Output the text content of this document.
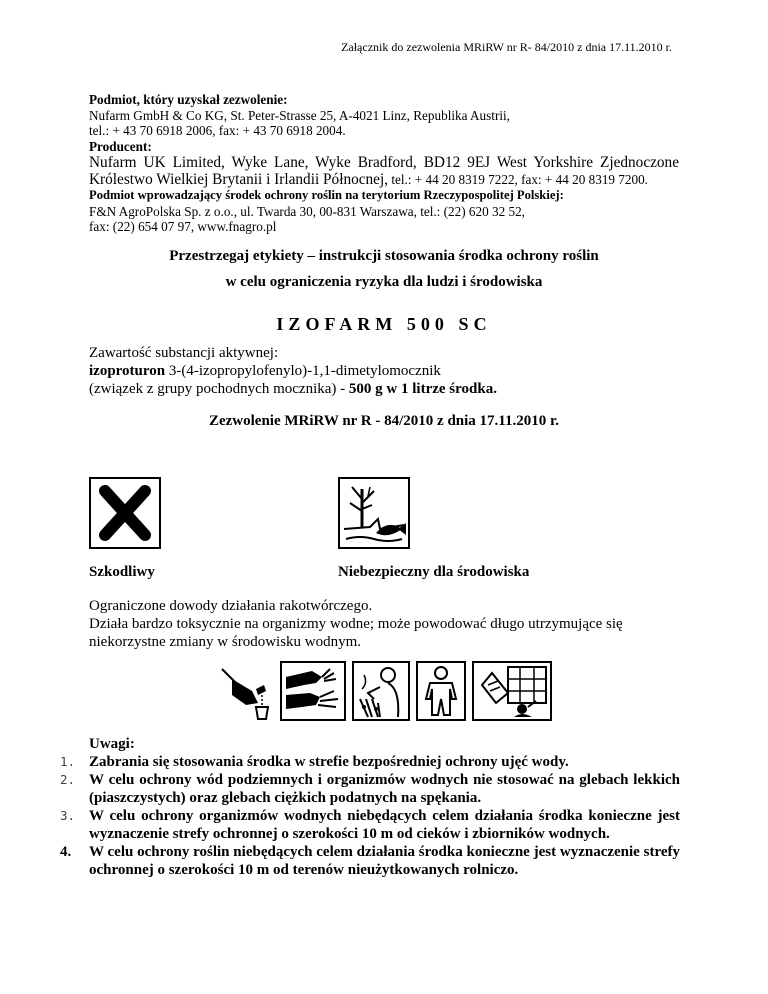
Załącznik do zezwolenia MRiRW nr R- 84/2010 z dnia 17.11.2010 r.
Podmiot, który uzyskał zezwolenie:
Nufarm GmbH & Co KG, St. Peter-Strasse 25, A-4021 Linz, Republika Austrii,
tel.: + 43 70 6918 2006, fax: + 43 70 6918 2004.
Producent:
Nufarm UK Limited, Wyke Lane, Wyke Bradford, BD12 9EJ West Yorkshire Zjednoczone Królestwo Wielkiej Brytanii i Irlandii Północnej, tel.: + 44 20 8319 7222, fax: + 44 20 8319 7200.
Podmiot wprowadzający środek ochrony roślin na terytorium Rzeczypospolitej Polskiej:
F&N AgroPolska Sp. z o.o., ul. Twarda 30, 00-831 Warszawa, tel.: (22) 620 32 52,
fax: (22) 654 07 97, www.fnagro.pl
Przestrzegaj etykiety – instrukcji stosowania środka ochrony roślin
w celu ograniczenia ryzyka dla ludzi i środowiska
IZOFARM 500 SC
Zawartość substancji aktywnej:
izoproturon 3-(4-izopropylofenylo)-1,1-dimetylomocznik
(związek z grupy pochodnych mocznika) - 500 g w 1 litrze środka.
Zezwolenie MRiRW nr R - 84/2010 z dnia 17.11.2010 r.
Szkodliwy	Niebezpieczny dla środowiska
Ograniczone dowody działania rakotwórczego.
Działa bardzo toksycznie na organizmy wodne; może powodować długo utrzymujące się
niekorzystne zmiany w środowisku wodnym.
Uwagi:
1. Zabrania się stosowania środka w strefie bezpośredniej ochrony ujęć wody.
2. W celu ochrony wód podziemnych i organizmów wodnych nie stosować na glebach lekkich (piaszczystych) oraz glebach ciężkich podatnych na spękania.
3. W celu ochrony organizmów wodnych niebędących celem działania środka konieczne jest wyznaczenie strefy ochronnej o szerokości 10 m od cieków i zbiorników wodnych.
4.	W celu ochrony roślin niebędących celem działania środka konieczne jest wyznaczenie strefy ochronnej o szerokości 10 m od terenów nieużytkowanych rolniczo.
